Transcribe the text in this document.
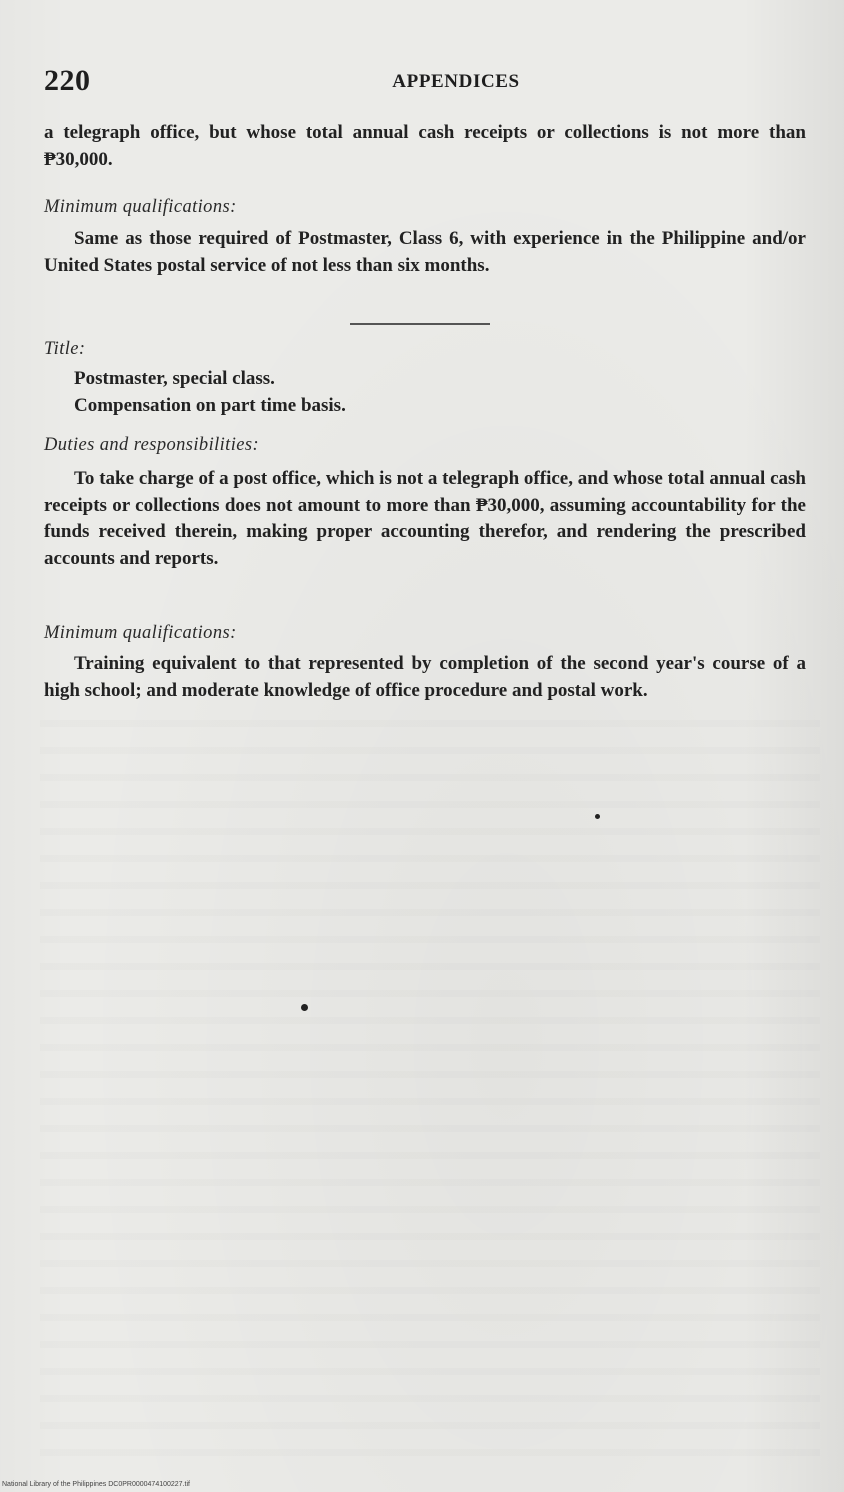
220	APPENDICES

a telegraph office, but whose total annual cash receipts or collections is not more than ₱30,000.

Minimum qualifications:

Same as those required of Postmaster, Class 6, with experience in the Philippine and/or United States postal service of not less than six months.

Title:

Postmaster, special class.

Compensation on part time basis.

Duties and responsibilities:

To take charge of a post office, which is not a telegraph office, and whose total annual cash receipts or collections does not amount to more than ₱30,000, assuming accountability for the funds received therein, making proper accounting therefor, and rendering the prescribed accounts and reports.

Minimum qualifications:

Training equivalent to that represented by completion of the second year's course of a high school; and moderate knowledge of office procedure and postal work.

National Library of the Philippines DC0PR0000474100227.tif
